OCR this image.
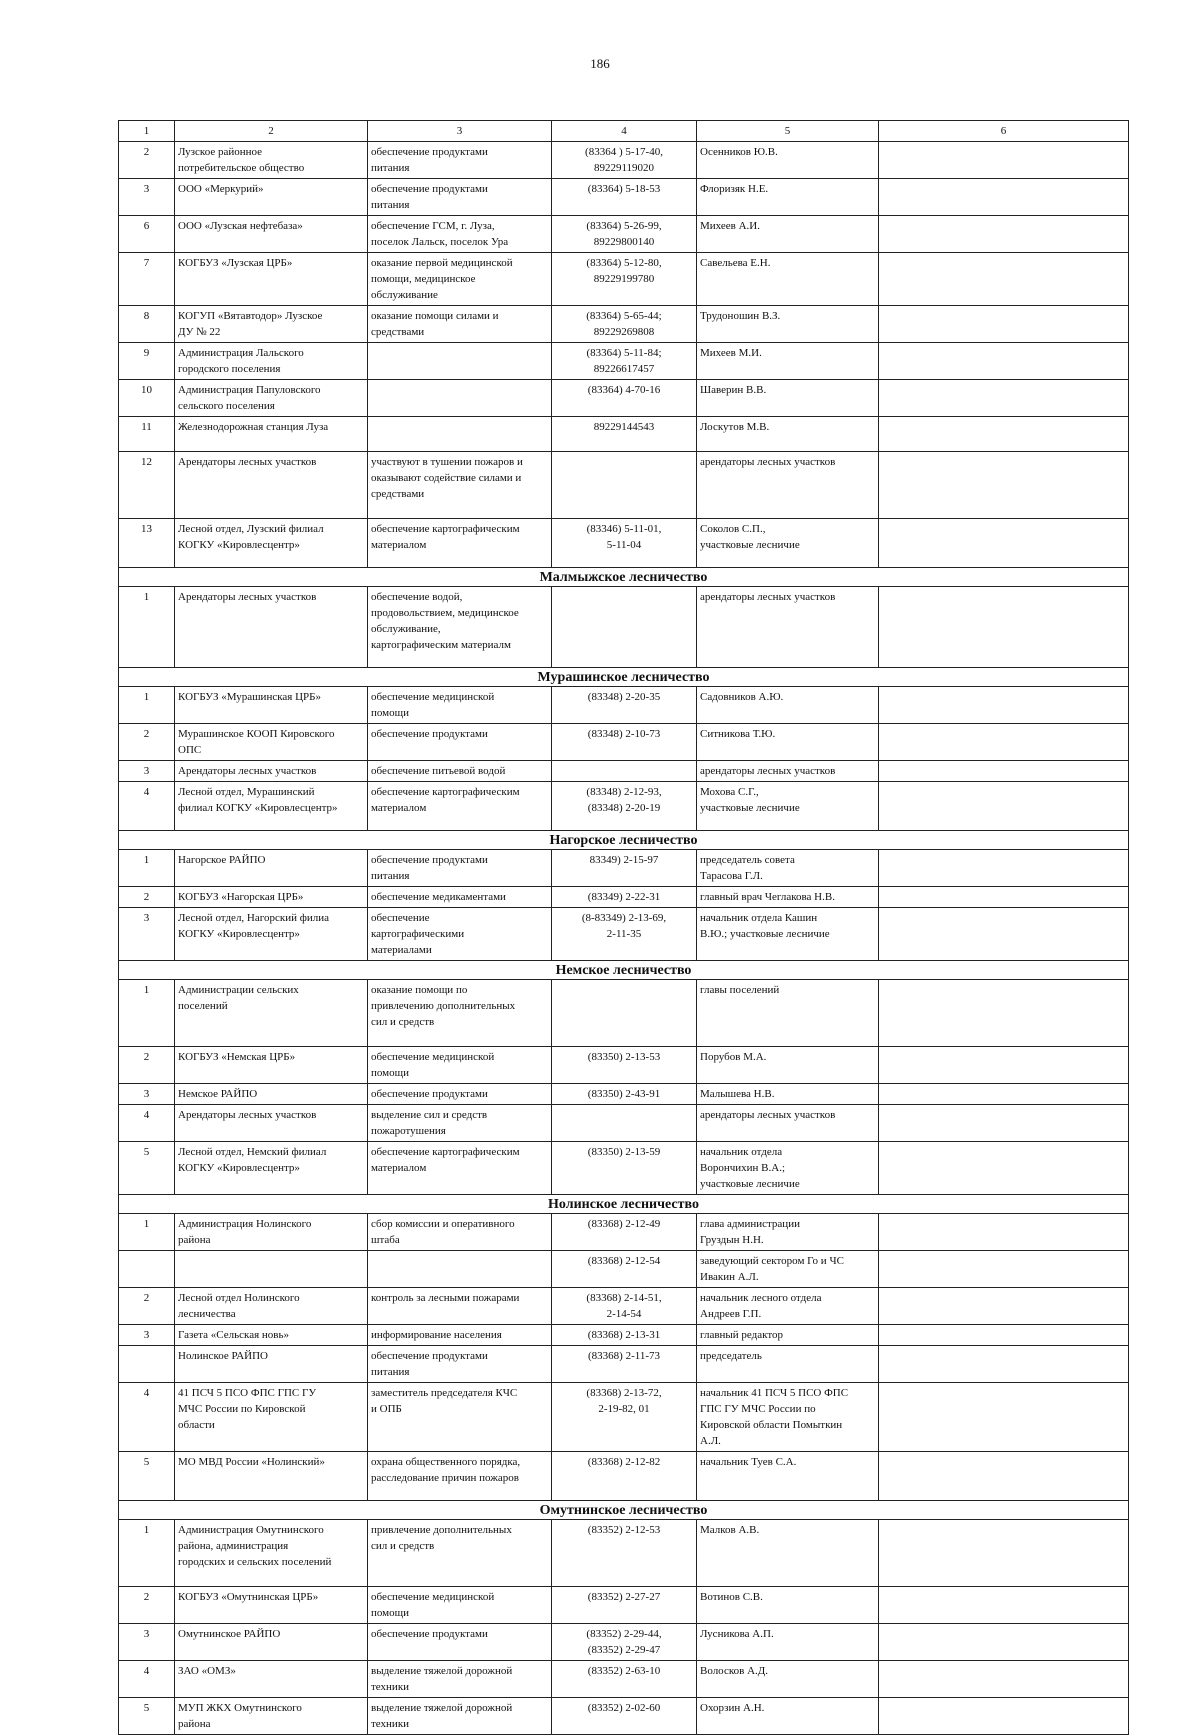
186
1	2	3	4	5	6
2	Лузское районное
потребительское общество	обеспечение продуктами
питания	(83364 ) 5-17-40,
89229119020	Осенников Ю.В.	

3	ООО «Меркурий»	обеспечение продуктами
питания	(83364) 5-18-53	Флоризяк Н.Е.	

6	ООО «Лузская нефтебаза»	обеспечение ГСМ, г. Луза,
поселок Лальск, поселок Ура	(83364) 5-26-99,
89229800140	Михеев А.И.	

7	КОГБУЗ «Лузская ЦРБ»	оказание первой медицинской
помощи, медицинское
обслуживание	(83364) 5-12-80,
89229199780	Савельева Е.Н.	

8	КОГУП «Вятавтодор» Лузское
ДУ № 22	оказание помощи силами и
средствами	(83364) 5-65-44;
89229269808	Трудоношин В.З.	

9	Администрация Лальского
городского поселения		(83364) 5-11-84;
89226617457	Михеев М.И.	

10	Администрация Папуловского
сельского поселения		(83364) 4-70-16	Шаверин В.В.	

11	Железнодорожная станция Луза		89229144543	Лоскутов М.В.	

12	Арендаторы лесных участков	участвуют в тушении пожаров и
оказывают содействие силами и
средствами		арендаторы лесных участков	

13	Лесной отдел, Лузский филиал
КОГКУ «Кировлесцентр»	обеспечение картографическим
материалом	(83346) 5-11-01,
5-11-04	Соколов С.П.,
участковые лесничие	

Малмыжское лесничество					
1	Арендаторы лесных участков	обеспечение водой,
продовольствием, медицинское
обслуживание,
картографическим материалм		арендаторы лесных участков	

Мурашинское лесничество					
1	КОГБУЗ «Мурашинская ЦРБ»	обеспечение медицинской
помощи	(83348) 2-20-35	Садовников А.Ю.	

2	Мурашинское КООП Кировского
ОПС	обеспечение продуктами	(83348) 2-10-73	Ситникова Т.Ю.	

3	Арендаторы лесных участков	обеспечение питьевой водой		арендаторы лесных участков	

4	Лесной отдел, Мурашинский
филиал КОГКУ «Кировлесцентр»	обеспечение картографическим
материалом	(83348) 2-12-93,
(83348) 2-20-19	Мохова С.Г.,
участковые лесничие	

Нагорское лесничество					
1	Нагорское РАЙПО	обеспечение продуктами
питания	83349) 2-15-97	председатель совета
Тарасова Г.Л.	

2	КОГБУЗ «Нагорская ЦРБ»	обеспечение медикаментами	(83349) 2-22-31	главный врач Чеглакова Н.В.	

3	Лесной отдел, Нагорский филиа
КОГКУ «Кировлесцентр»	обеспечение
картографическими
материалами	(8-83349) 2-13-69,
2-11-35	начальник отдела Кашин
В.Ю.; участковые лесничие	

Немское лесничество					
1	Администрации сельских
поселений	оказание помощи по
привлечению дополнительных
сил и средств		главы поселений	

2	КОГБУЗ «Немская ЦРБ»	обеспечение медицинской
помощи	(83350) 2-13-53	Порубов М.А.	

3	Немское РАЙПО	обеспечение продуктами	(83350) 2-43-91	Малышева Н.В.	

4	Арендаторы лесных участков	выделение сил и средств
пожаротушения		арендаторы лесных участков	

5	Лесной отдел, Немский филиал
КОГКУ «Кировлесцентр»	обеспечение картографическим
материалом	(83350) 2-13-59	начальник отдела
Ворончихин В.А.;
участковые лесничие	

Нолинское лесничество					
1	Администрация Нолинского
района	сбор комиссии и оперативного
штаба	(83368) 2-12-49	глава администрации
Груздын Н.Н.	

			(83368) 2-12-54	заведующий сектором Го и ЧС
Ивакин А.Л.	

2	Лесной отдел Нолинского
лесничества	контроль за лесными пожарами	(83368) 2-14-51,
2-14-54	начальник лесного отдела
Андреев Г.П.	

3	Газета «Сельская новь»	информирование населения	(83368) 2-13-31	главный редактор	

	Нолинское РАЙПО	обеспечение продуктами
питания	(83368) 2-11-73	председатель	

4	41 ПСЧ 5 ПСО ФПС ГПС ГУ
МЧС России по Кировской
области	заместитель председателя КЧС
и ОПБ	(83368) 2-13-72,
2-19-82, 01	начальник 41 ПСЧ 5 ПСО ФПС
ГПС ГУ МЧС России по
Кировской области Помыткин
А.Л.	

5	МО МВД России «Нолинский»	охрана общественного порядка,
расследование причин пожаров	(83368) 2-12-82	начальник Туев С.А.	

Омутнинское лесничество					
1	Администрация Омутнинского
района, администрация
городских и сельских поселений	привлечение дополнительных
сил и средств	(83352) 2-12-53	Малков А.В.	

2	КОГБУЗ «Омутнинская ЦРБ»	обеспечение медицинской
помощи	(83352) 2-27-27	Вотинов С.В.	

3	Омутнинское РАЙПО	обеспечение продуктами	(83352) 2-29-44,
(83352) 2-29-47	Лусникова А.П.	

4	ЗАО «ОМЗ»	выделение тяжелой дорожной
техники	(83352) 2-63-10	Волосков А.Д.	

5	МУП ЖКХ Омутнинского
района	выделение тяжелой дорожной
техники	(83352) 2-02-60	Охорзин А.Н.	
